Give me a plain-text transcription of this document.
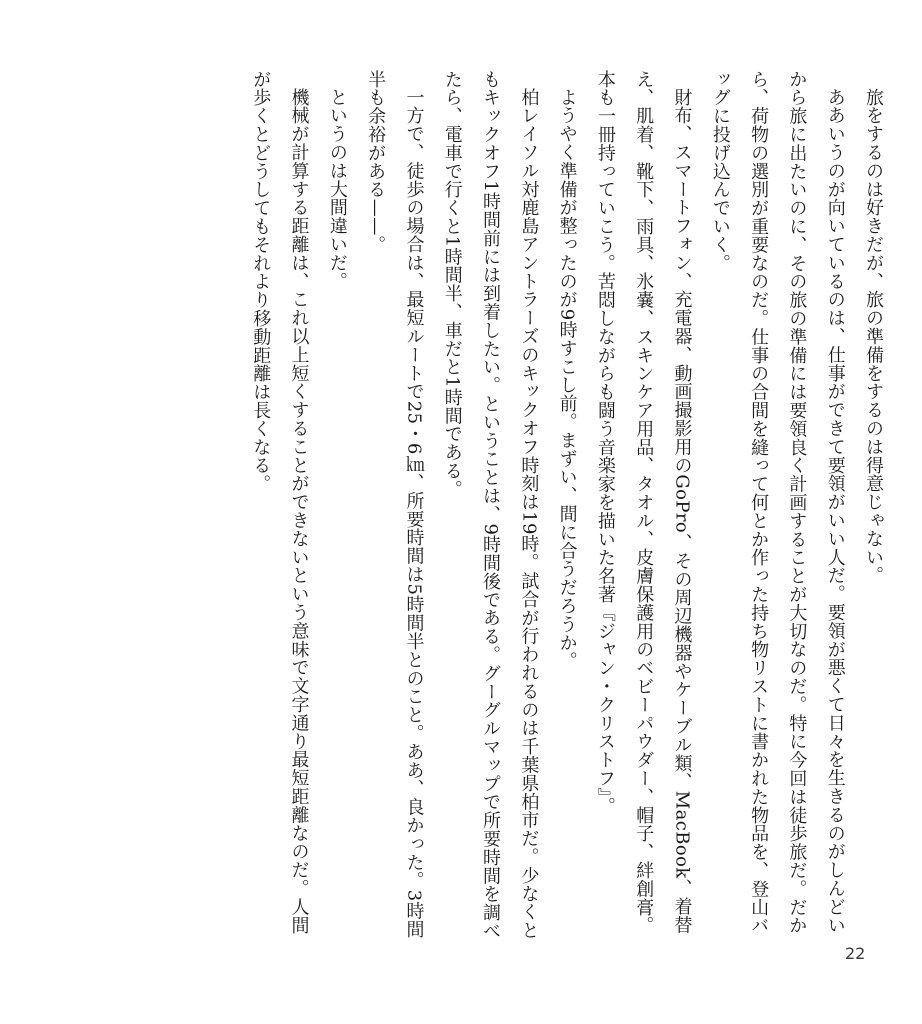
旅をするのは好きだが、旅の準備をするのは得意じゃない。

ああいうのが向いているのは、仕事ができて要領がいい人だ。要領が悪くて日々を生きるのがしんどいから旅に出たいのに、その旅の準備には要領良く計画することが大切なのだ。特に今回は徒歩旅だ。だから、荷物の選別が重要なのだ。仕事の合間を縫って何とか作った持ち物リストに書かれた物品を、登山バッグに投げ込んでいく。

財布、スマートフォン、充電器、動画撮影用のGoPro、その周辺機器やケーブル類、MacBook、着替え、肌着、靴下、雨具、氷嚢、スキンケア用品、タオル、皮膚保護用のベビーパウダー、帽子、絆創膏。本も一冊持っていこう。苦悶しながらも闘う音楽家を描いた名著『ジャン・クリストフ』。

ようやく準備が整ったのが9時すこし前。まずい、間に合うだろうか。

柏レイソル対鹿島アントラーズのキックオフ時刻は19時。試合が行われるのは千葉県柏市だ。少なくともキックオフ1時間前には到着したい。ということは、9時間後である。グーグルマップで所要時間を調べたら、電車で行くと1時間半、車だと1時間である。

一方で、徒歩の場合は、最短ルートで25・6㎞、所要時間は5時間半とのこと。ああ、良かった。3時間半も余裕がある——。

というのは大間違いだ。

機械が計算する距離は、これ以上短くすることができないという意味で文字通り最短距離なのだ。人間が歩くとどうしてもそれより移動距離は長くなる。

22
